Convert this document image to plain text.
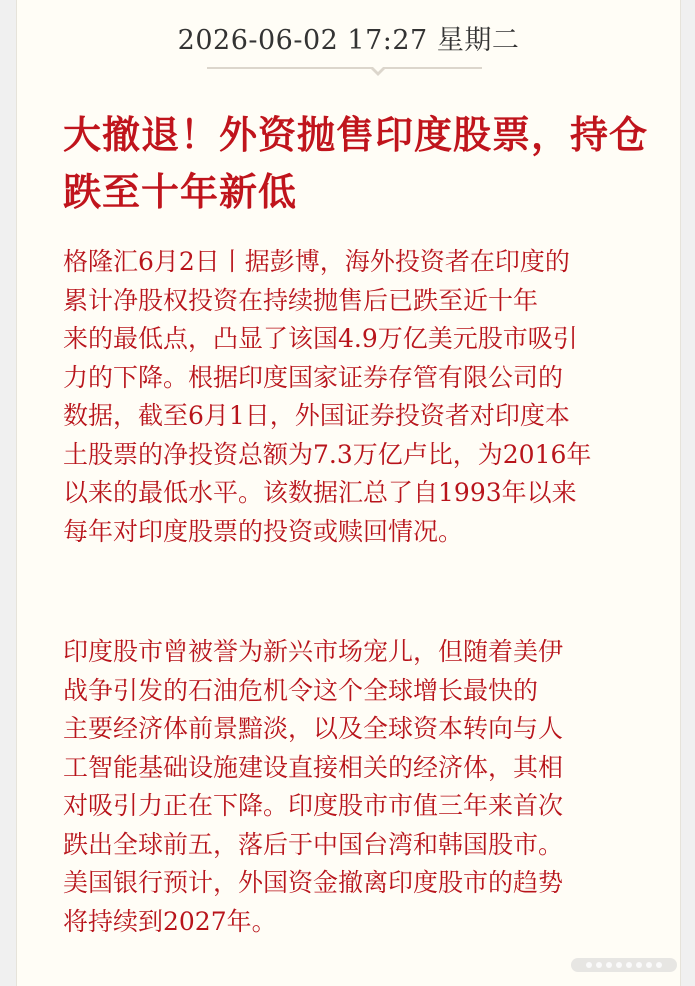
2026-06-02 17:27 星期二
大撤退！外资抛售印度股票，持仓
跌至十年新低

格隆汇6月2日丨据彭博，海外投资者在印度的
累计净股权投资在持续抛售后已跌至近十年
来的最低点，凸显了该国4.9万亿美元股市吸引
力的下降。根据印度国家证券存管有限公司的
数据，截至6月1日，外国证券投资者对印度本
土股票的净投资总额为7.3万亿卢比，为2016年
以来的最低水平。该数据汇总了自1993年以来
每年对印度股票的投资或赎回情况。

印度股市曾被誉为新兴市场宠儿，但随着美伊
战争引发的石油危机令这个全球增长最快的
主要经济体前景黯淡，以及全球资本转向与人
工智能基础设施建设直接相关的经济体，其相
对吸引力正在下降。印度股市市值三年来首次
跌出全球前五，落后于中国台湾和韩国股市。
美国银行预计，外国资金撤离印度股市的趋势
将持续到2027年。
